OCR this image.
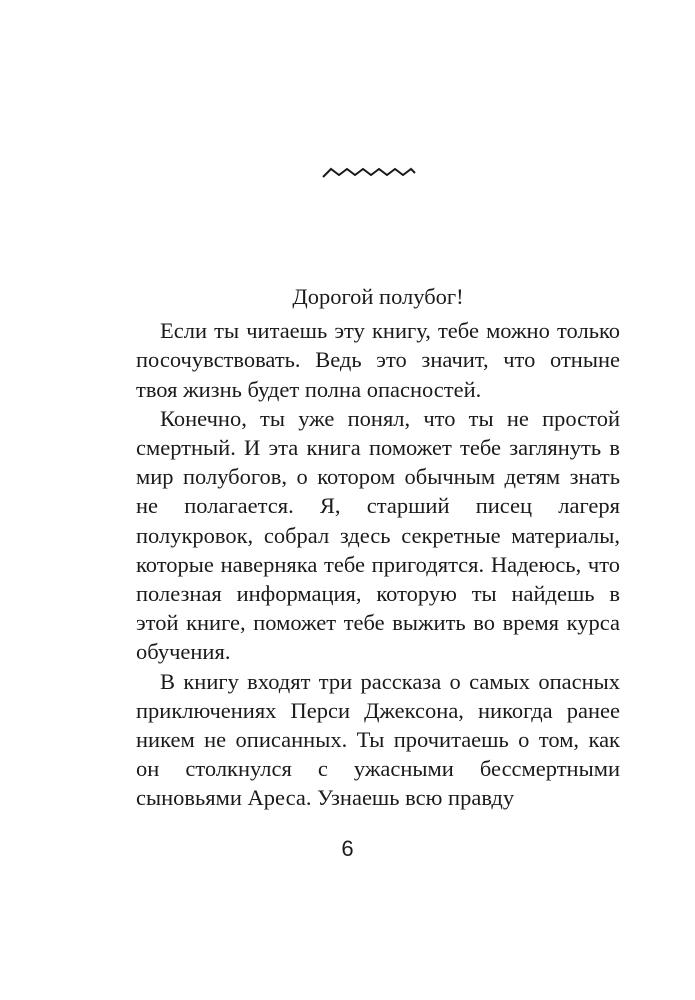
Дорогой полубог!

Если ты читаешь эту книгу, тебе можно только посочувствовать. Ведь это значит, что отныне твоя жизнь будет полна опасностей.

Конечно, ты уже понял, что ты не простой смертный. И эта книга поможет тебе заглянуть в мир полубогов, о котором обычным детям знать не полагается. Я, старший писец лагеря полукровок, собрал здесь секретные материалы, которые наверняка тебе пригодятся. Надеюсь, что полезная информация, которую ты найдешь в этой книге, поможет тебе выжить во время курса обучения.

В книгу входят три рассказа о самых опасных приключениях Перси Джексона, никогда ранее никем не описанных. Ты прочитаешь о том, как он столкнулся с ужасными бессмертными сыновьями Ареса. Узнаешь всю правду

6
